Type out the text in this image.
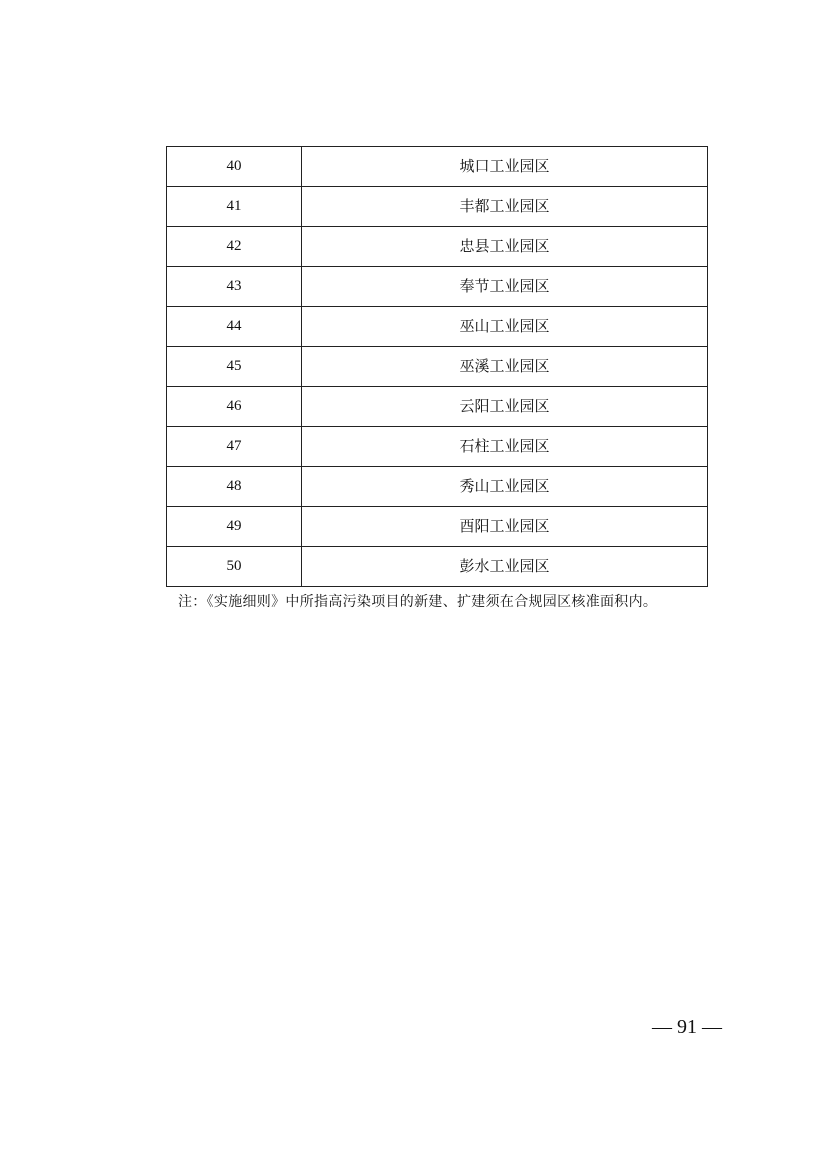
40	城口工业园区
41	丰都工业园区
42	忠县工业园区
43	奉节工业园区
44	巫山工业园区
45	巫溪工业园区
46	云阳工业园区
47	石柱工业园区
48	秀山工业园区
49	酉阳工业园区
50	彭水工业园区
注：《实施细则》中所指高污染项目的新建、扩建须在合规园区核准面积内。
— 91 —
